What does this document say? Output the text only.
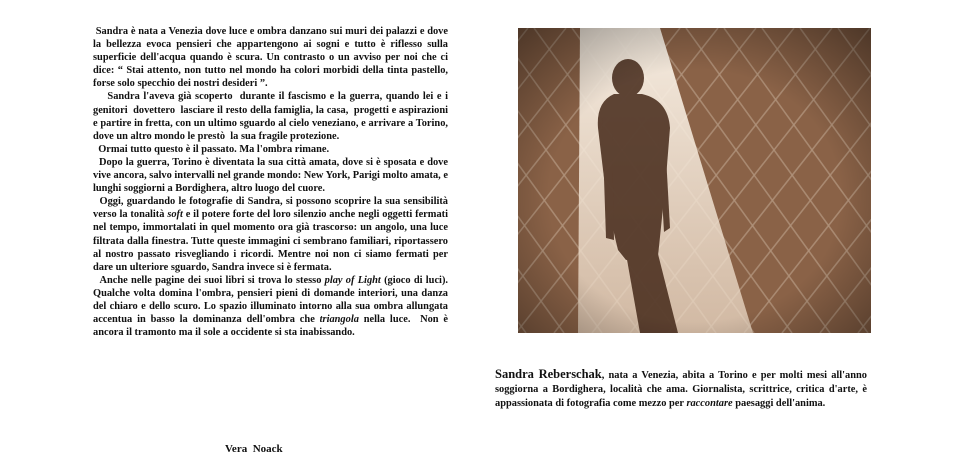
Sandra è nata a Venezia dove luce e ombra danzano sui muri dei palazzi e dove la bellezza evoca pensieri che appartengono ai sogni e tutto è riflesso sulla superficie dell'acqua quando è scura. Un contrasto o un avviso per noi che ci dice: “ Stai attento, non tutto nel mondo ha colori morbidi della tinta pastello, forse solo specchio dei nostri desideri ”.

Sandra l'aveva già scoperto  durante il fascismo e la guerra, quando lei e i genitori  dovettero  lasciare il resto della famiglia, la casa,  progetti e aspirazioni e partire in fretta, con un ultimo sguardo al cielo veneziano, e arrivare a Torino, dove un altro mondo le prestò  la sua fragile protezione.

Ormai tutto questo è il passato. Ma l'ombra rimane.

Dopo la guerra, Torino è diventata la sua città amata, dove si è sposata e dove vive ancora, salvo intervalli nel grande mondo: New York, Parigi molto amata, e lunghi soggiorni a Bordighera, altro luogo del cuore.

Oggi, guardando le fotografie di Sandra, si possono scoprire la sua sensibilità verso la tonalità soft e il potere forte del loro silenzio anche negli oggetti fermati nel tempo, immortalati in quel momento ora già trascorso: un angolo, una luce filtrata dalla finestra. Tutte queste immagini ci sembrano familiari, riportassero al nostro passato risvegliando i ricordi. Mentre noi non ci siamo fermati per dare un ulteriore sguardo, Sandra invece si è fermata.

Anche nelle pagine dei suoi libri si trova lo stesso play of Light (gioco di luci). Qualche volta domina l'ombra, pensieri pieni di domande interiori, una danza del chiaro e dello scuro. Lo spazio illuminato intorno alla sua ombra allungata accentua in basso la dominanza dell'ombra che triangola nella luce.  Non è ancora il tramonto ma il sole a occidente si sta inabissando.

Vera  Noack
Sandra Reberschak, nata a Venezia, abita a Torino e per molti mesi all'anno soggiorna a Bordighera, località che ama. Giornalista, scrittrice, critica d'arte, è appassionata di fotografia come mezzo per raccontare paesaggi dell'anima.
